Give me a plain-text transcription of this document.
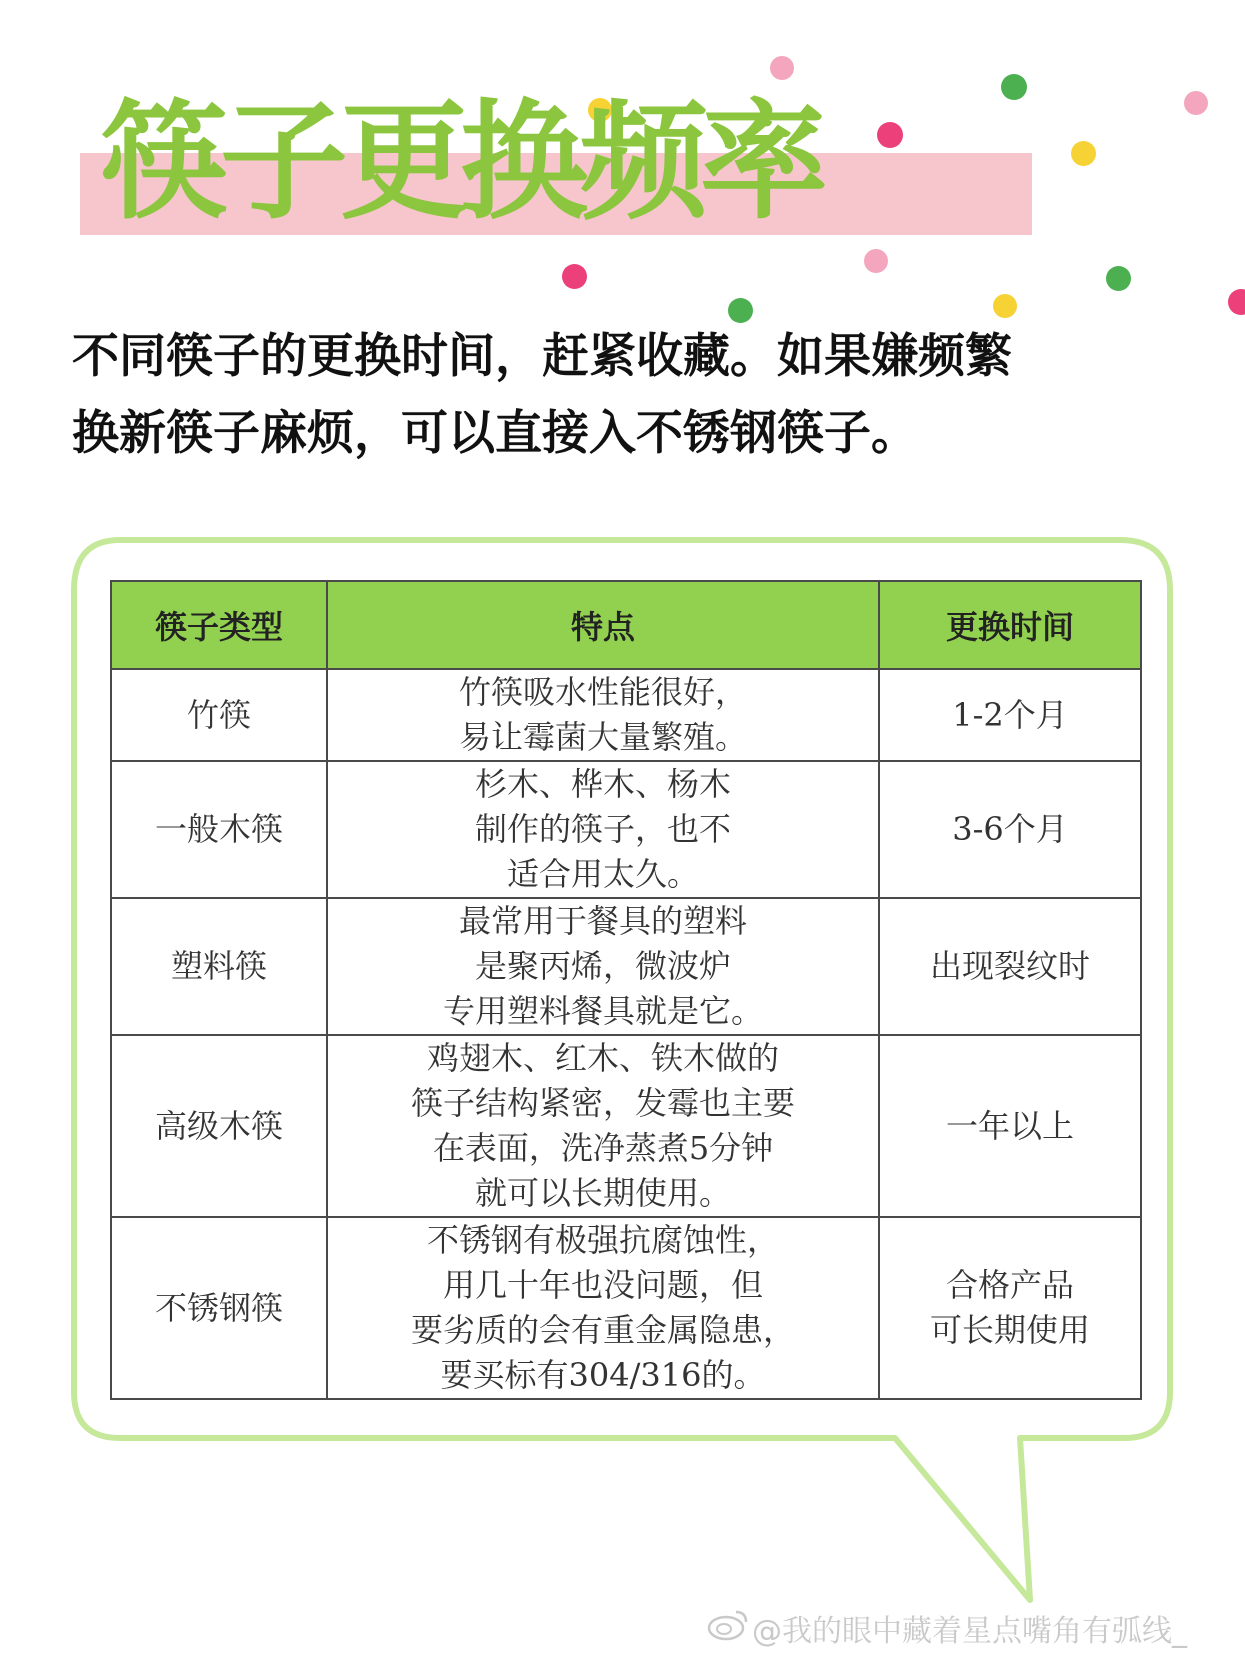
筷子更换频率
不同筷子的更换时间，赶紧收藏。如果嫌频繁
换新筷子麻烦，可以直接入不锈钢筷子。
筷子类型	特点	更换时间
竹筷	竹筷吸水性能很好，
易让霉菌大量繁殖。	1-2个月

一般木筷	杉木、桦木、杨木
制作的筷子，也不
适合用太久。	3-6个月

塑料筷	最常用于餐具的塑料
是聚丙烯，微波炉
专用塑料餐具就是它。	出现裂纹时

高级木筷	鸡翅木、红木、铁木做的
筷子结构紧密，发霉也主要
在表面，洗净蒸煮5分钟
就可以长期使用。	一年以上

不锈钢筷	不锈钢有极强抗腐蚀性，
用几十年也没问题，但
要劣质的会有重金属隐患，
要买标有304/316的。	合格产品
可长期使用
@我的眼中藏着星点嘴角有弧线_
